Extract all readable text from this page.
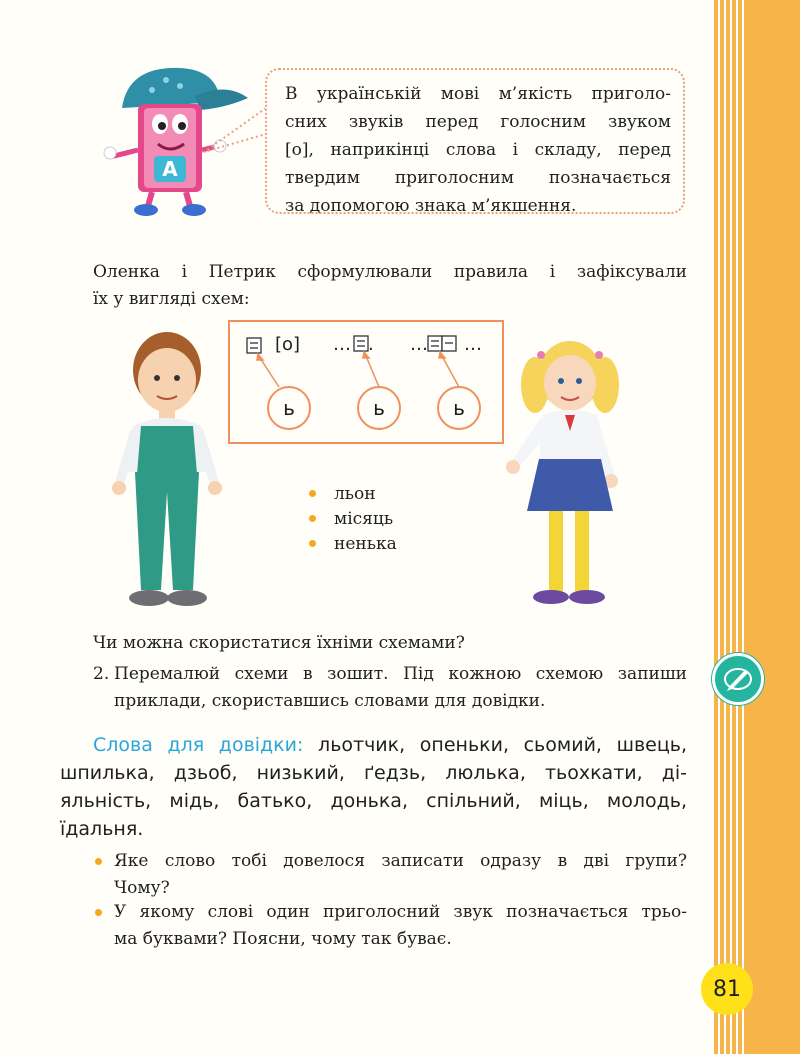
81
А
В українській мові м’якість приголо-
сних звуків перед голосним звуком
[о], наприкінці слова і складу, перед
твердим приголосним позначається
за допомогою знака м’якшення.
Оленка і Петрик сформулювали правила і зафіксували
їх у вигляді схем:
[о] … . … …
ь	ь	ь
льон
місяць
ненька
Чи можна скористатися їхніми схемами?
2. Перемалюй схеми в зошит. Під кожною схемою запиши
приклади, скориставшись словами для довідки.
Слова для довідки: льотчик, опеньки, сьомий, швець,
шпилька, дзьоб, низький, ґедзь, люлька, тьохкати, ді-
яльність, мідь, батько, донька, спільний, міць, молодь,
їдальня.
Яке слово тобі довелося записати одразу в дві групи?
Чому?
У якому слові один приголосний звук позначається трьо-
ма буквами? Поясни, чому так буває.
